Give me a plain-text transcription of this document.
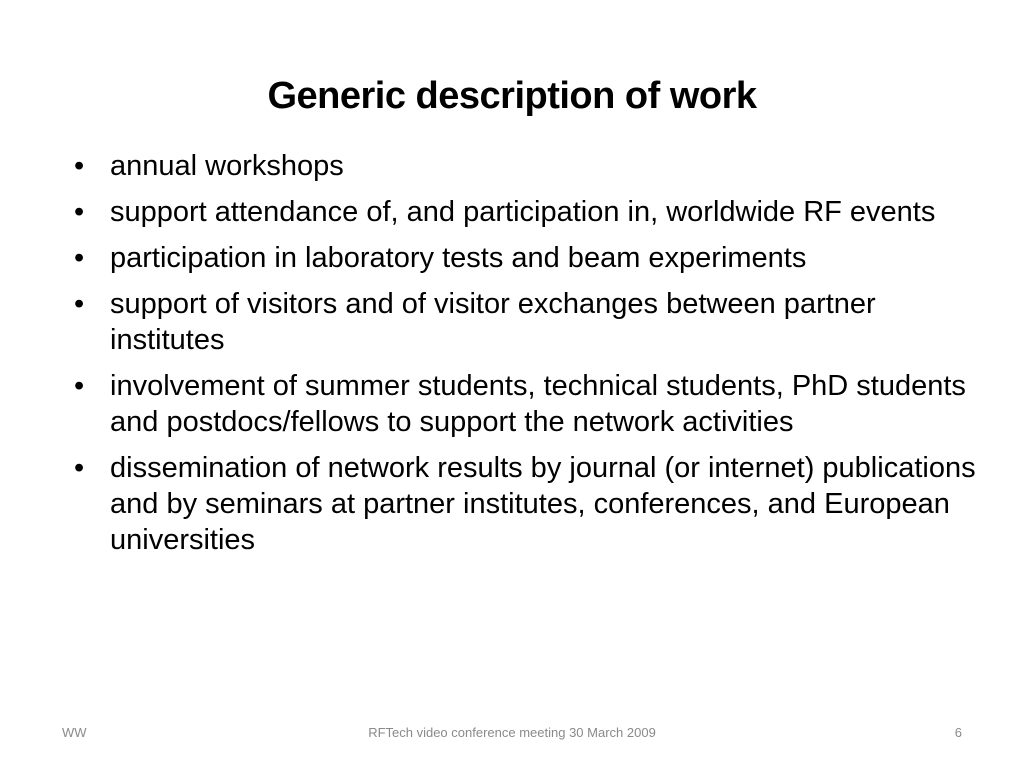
Generic description of work
• annual workshops
• support attendance of, and participation in, worldwide RF events
• participation in laboratory tests and beam experiments
• support of visitors and of visitor exchanges between partner institutes
• involvement of summer students, technical students, PhD students and postdocs/fellows to support the network activities
• dissemination of network results by journal (or internet) publications and by seminars at partner institutes, conferences, and European universities
WW	RFTech video conference meeting 30 March 2009	6
